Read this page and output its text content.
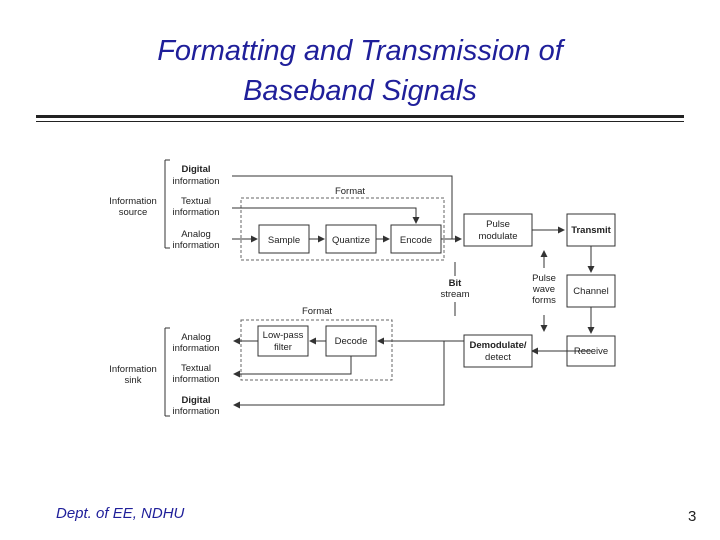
Formatting and Transmission of
Baseband Signals
Information
source
Digital
information
Textual
information
Analog
information
Format
Sample	Quantize	Encode
Pulse
modulate
Transmit
Channel
Receive
Pulse
wave
forms
Bit
stream
Demodulate/
detect
Format
Low-pass
filter
Decode
Information
sink
Analog
information
Textual
information
Digital
information
Dept. of EE, NDHU	3
